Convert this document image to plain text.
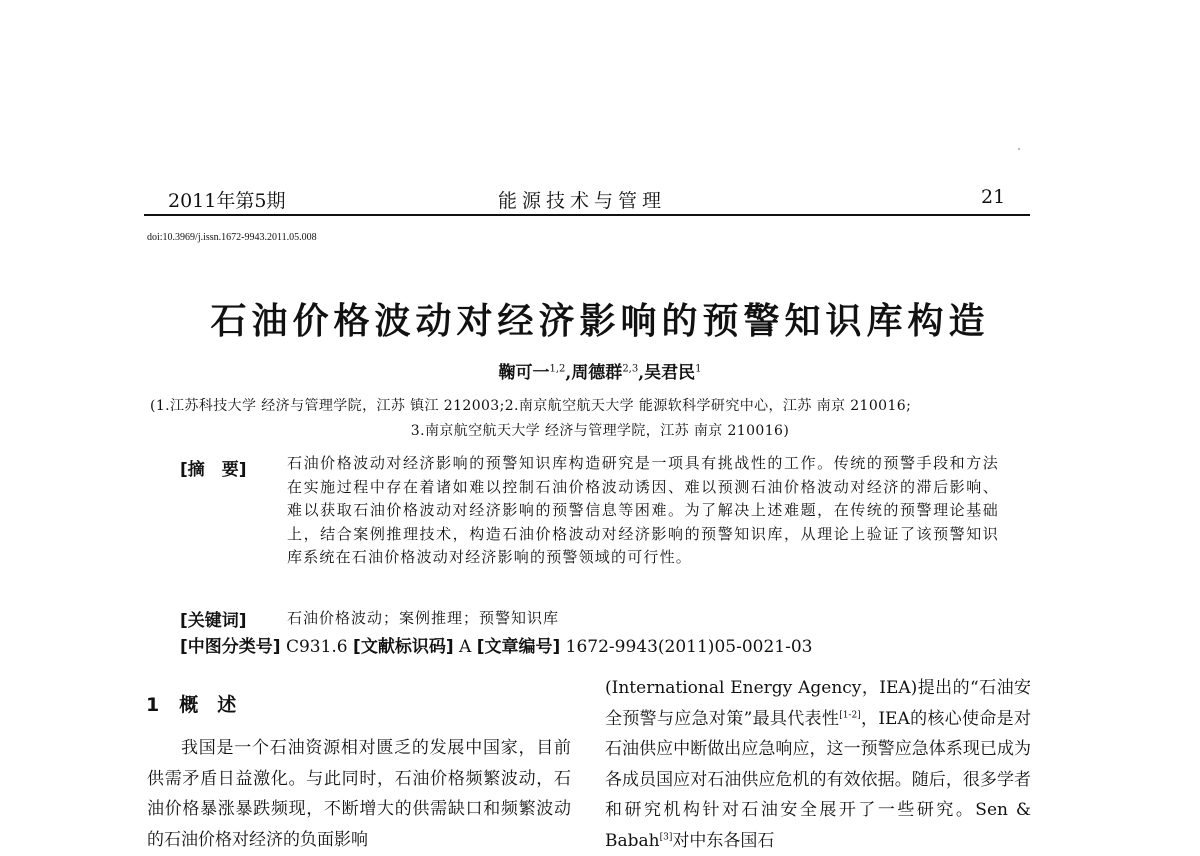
2011年第5期	能源技术与管理	21
doi:10.3969/j.issn.1672-9943.2011.05.008
石油价格波动对经济影响的预警知识库构造
鞠可一$^{1,2}$,周德群$^{2,3}$,吴君民$^1$
(1.江苏科技大学 经济与管理学院，江苏 镇江 212003;2.南京航空航天大学 能源软科学研究中心，江苏 南京 210016;
3.南京航空航天大学 经济与管理学院，江苏 南京 210016)
[摘　要]	石油价格波动对经济影响的预警知识库构造研究是一项具有挑战性的工作。传统的预警手段和方法在实施过程中存在着诸如难以控制石油价格波动诱因、难以预测石油价格波动对经济的滞后影响、难以获取石油价格波动对经济影响的预警信息等困难。为了解决上述难题，在传统的预警理论基础上，结合案例推理技术，构造石油价格波动对经济影响的预警知识库，从理论上验证了该预警知识库系统在石油价格波动对经济影响的预警领域的可行性。
[关键词]	石油价格波动；案例推理；预警知识库
[中图分类号] C931.6 [文献标识码] A [文章编号] 1672-9943(2011)05-0021-03
1 概　述

我国是一个石油资源相对匮乏的发展中国家，目前供需矛盾日益激化。与此同时，石油价格频繁波动，石油价格暴涨暴跌频现，不断增大的供需缺口和频繁波动的石油价格对经济的负面影响

(International Energy Agency，IEA)提出的“石油安全预警与应急对策”最具代表性[1-2]，IEA的核心使命是对石油供应中断做出应急响应，这一预警应急体系现已成为各成员国应对石油供应危机的有效依据。随后，很多学者和研究机构针对石油安全展开了一些研究。Sen & Babah[3]对中东各国石
